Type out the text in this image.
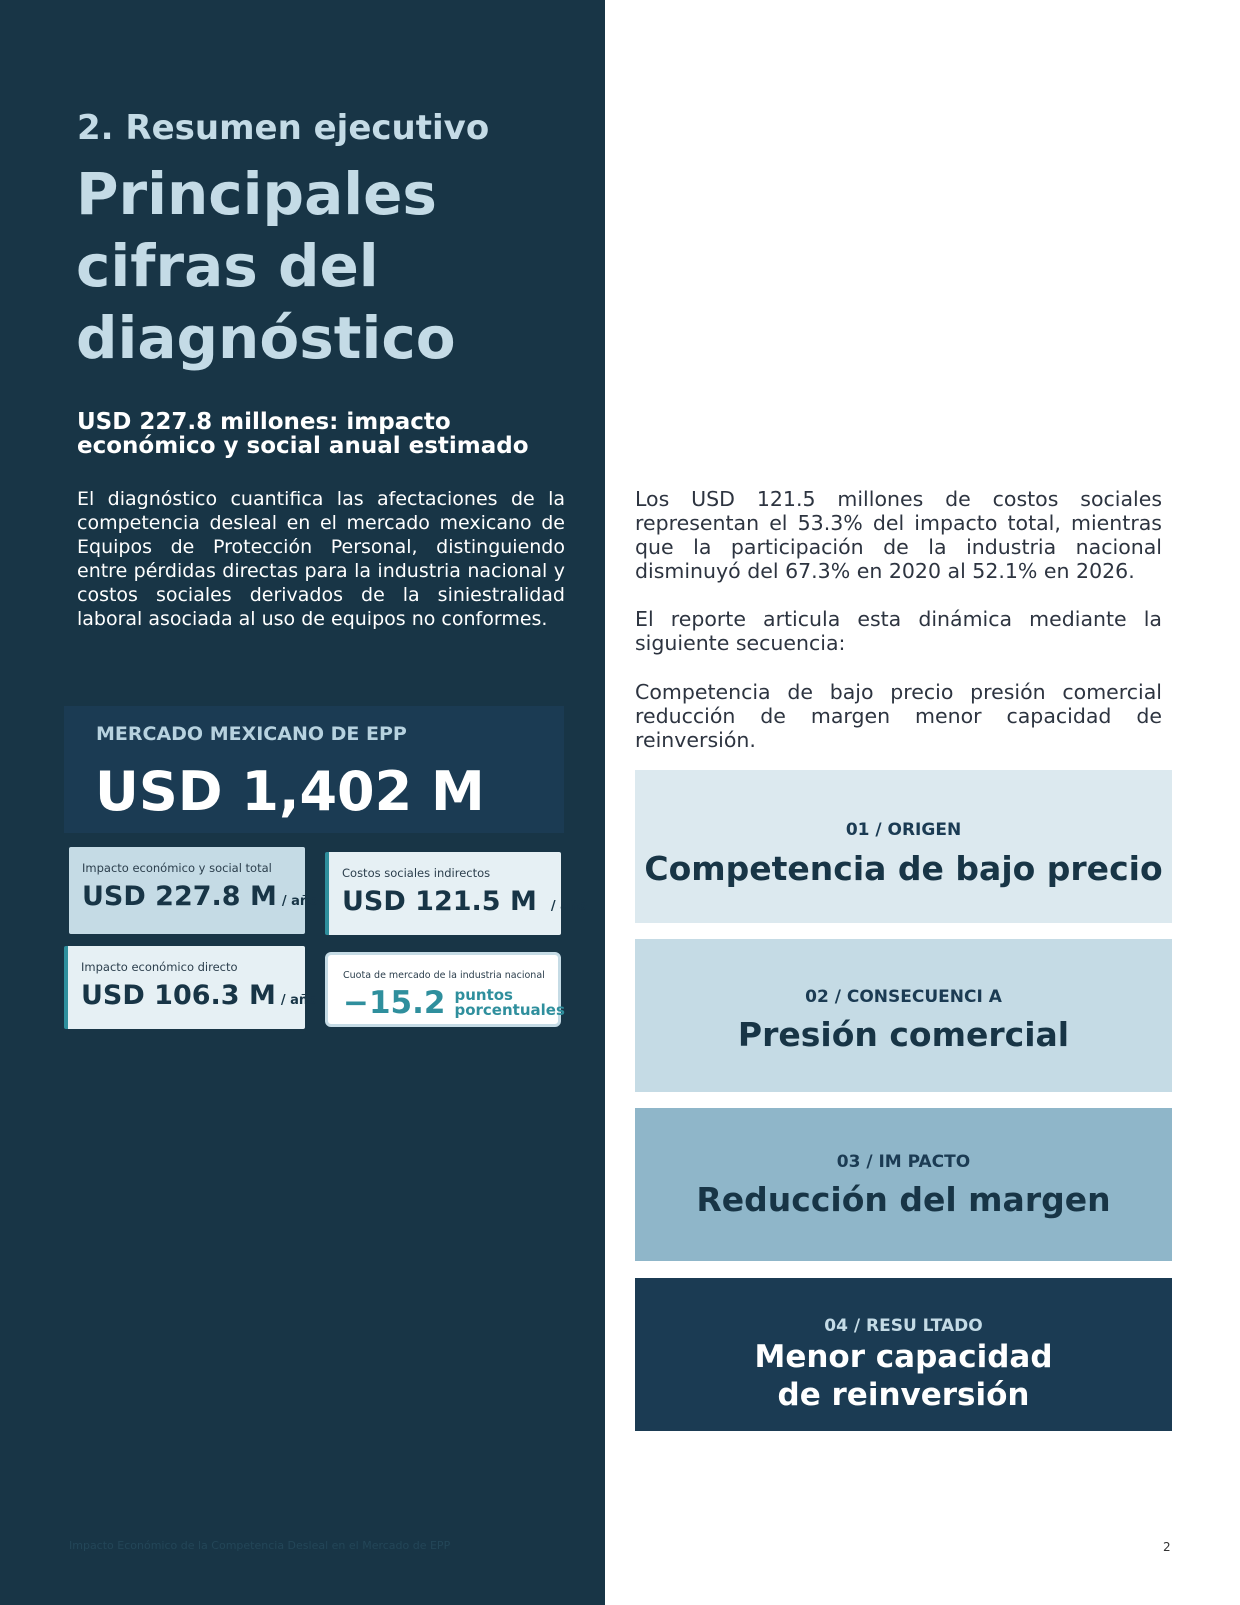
2. Resumen ejecutivo
Principales
cifras del
diagnóstico
USD 227.8 millones: impacto
económico y social anual estimado

El diagnóstico cuantifica las afectaciones de la competencia desleal en el mercado mexicano de Equipos de Protección Personal, distinguiendo entre pérdidas directas para la industria nacional y costos sociales derivados de la siniestralidad laboral asociada al uso de equipos no conformes.

MERCADO MEXICANO DE EPP
USD 1,402 M
Impacto económico y social total
USD 227.8 M / año
Costos sociales indirectos
USD 121.5 M / año
Impacto económico directo
USD 106.3 M / año
Cuota de mercado de la industria nacional
−15.2 puntos
porcentuales
Impacto Económico de la Competencia Desleal en el Mercado de EPP

Los USD 121.5 millones de costos sociales representan el 53.3% del impacto total, mientras que la participación de la industria nacional disminuyó del 67.3% en 2020 al 52.1% en 2026.

El reporte articula esta dinámica mediante la siguiente secuencia:

Competencia de bajo precio presión comercial reducción de margen menor capacidad de reinversión.

01 / ORIGEN
Competencia de bajo precio
02 / CONSECUENCI A
Presión comercial
03 / IM PACTO
Reducción del margen
04 / RESU LTADO
Menor capacidad
de reinversión
2
